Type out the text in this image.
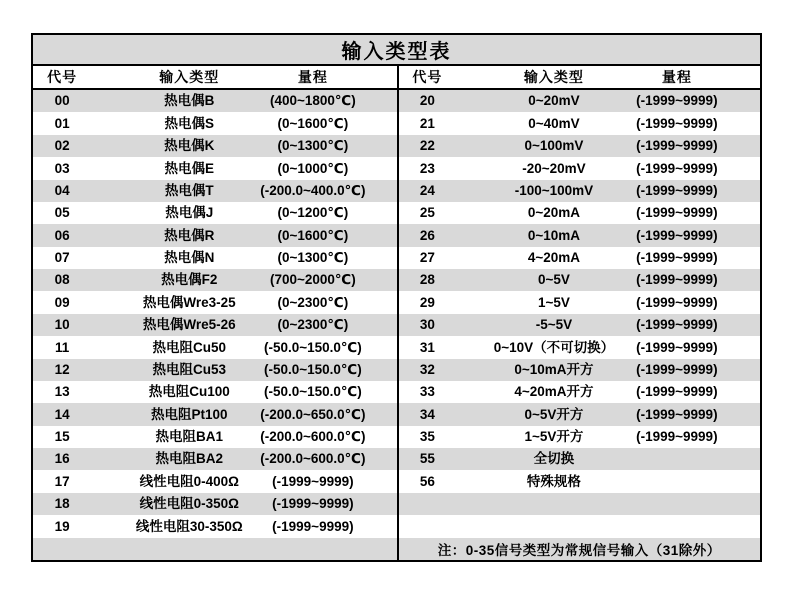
输入类型表
代号	输入类型	量程
00	热电偶B	(400~1800℃)
01	热电偶S	(0~1600℃)
02	热电偶K	(0~1300℃)
03	热电偶E	(0~1000℃)
04	热电偶T	(-200.0~400.0℃)
05	热电偶J	(0~1200℃)
06	热电偶R	(0~1600℃)
07	热电偶N	(0~1300℃)
08	热电偶F2	(700~2000℃)
09	热电偶Wre3-25	(0~2300℃)
10	热电偶Wre5-26	(0~2300℃)
11	热电阻Cu50	(-50.0~150.0℃)
12	热电阻Cu53	(-50.0~150.0℃)
13	热电阻Cu100	(-50.0~150.0℃)
14	热电阻Pt100	(-200.0~650.0℃)
15	热电阻BA1	(-200.0~600.0℃)
16	热电阻BA2	(-200.0~600.0℃)
17	线性电阻0-400Ω	(-1999~9999)
18	线性电阻0-350Ω	(-1999~9999)
19	线性电阻30-350Ω	(-1999~9999)
代号	输入类型	量程
20	0~20mV	(-1999~9999)
21	0~40mV	(-1999~9999)
22	0~100mV	(-1999~9999)
23	-20~20mV	(-1999~9999)
24	-100~100mV	(-1999~9999)
25	0~20mA	(-1999~9999)
26	0~10mA	(-1999~9999)
27	4~20mA	(-1999~9999)
28	0~5V	(-1999~9999)
29	1~5V	(-1999~9999)
30	-5~5V	(-1999~9999)
31	0~10V（不可切换）	(-1999~9999)
32	0~10mA开方	(-1999~9999)
33	4~20mA开方	(-1999~9999)
34	0~5V开方	(-1999~9999)
35	1~5V开方	(-1999~9999)
55	全切换
56	特殊规格
注：0-35信号类型为常规信号输入（31除外）
